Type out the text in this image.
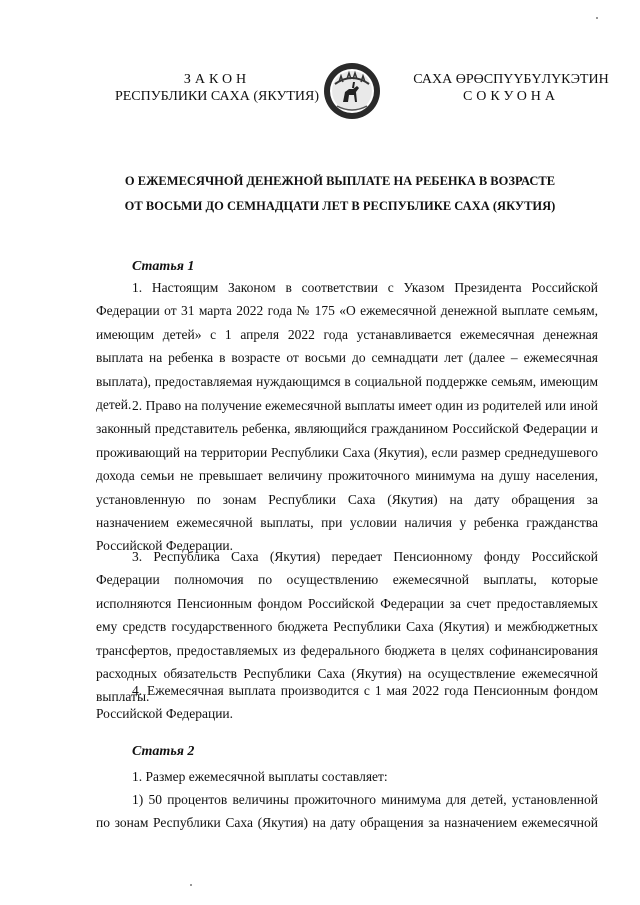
ЗАКОН
РЕСПУБЛИКИ САХА (ЯКУТИЯ)
САХА ӨРӨСПҮҮБҮЛҮКЭТИН
СОКУОНА
О ЕЖЕМЕСЯЧНОЙ ДЕНЕЖНОЙ ВЫПЛАТЕ НА РЕБЕНКА В ВОЗРАСТЕ
ОТ ВОСЬМИ ДО СЕМНАДЦАТИ ЛЕТ В РЕСПУБЛИКЕ САХА (ЯКУТИЯ)
Статья 1
1. Настоящим Законом в соответствии с Указом Президента Российской Федерации от 31 марта 2022 года № 175 «О ежемесячной денежной выплате семьям, имеющим детей» с 1 апреля 2022 года устанавливается ежемесячная денежная выплата на ребенка в возрасте от восьми до семнадцати лет (далее – ежемесячная выплата), предоставляемая нуждающимся в социальной поддержке семьям, имеющим детей. 2. Право на получение ежемесячной выплаты имеет один из родителей или иной законный представитель ребенка, являющийся гражданином Российской Федерации и проживающий на территории Республики Саха (Якутия), если размер среднедушевого дохода семьи не превышает величину прожиточного минимума на душу населения, установленную по зонам Республики Саха (Якутия) на дату обращения за назначением ежемесячной выплаты, при условии наличия у ребенка гражданства Российской Федерации.
3. Республика Саха (Якутия) передает Пенсионному фонду Российской Федерации полномочия по осуществлению ежемесячной выплаты, которые исполняются Пенсионным фондом Российской Федерации за счет предоставляемых ему средств государственного бюджета Республики Саха (Якутия) и межбюджетных трансфертов, предоставляемых из федерального бюджета в целях софинансирования расходных обязательств Республики Саха (Якутия) на осуществление ежемесячной выплаты.
4. Ежемесячная выплата производится с 1 мая 2022 года Пенсионным фондом Российской Федерации.
Статья 2
1. Размер ежемесячной выплаты составляет:
1) 50 процентов величины прожиточного минимума для детей, установленной по зонам Республики Саха (Якутия) на дату обращения за назначением ежемесячной
